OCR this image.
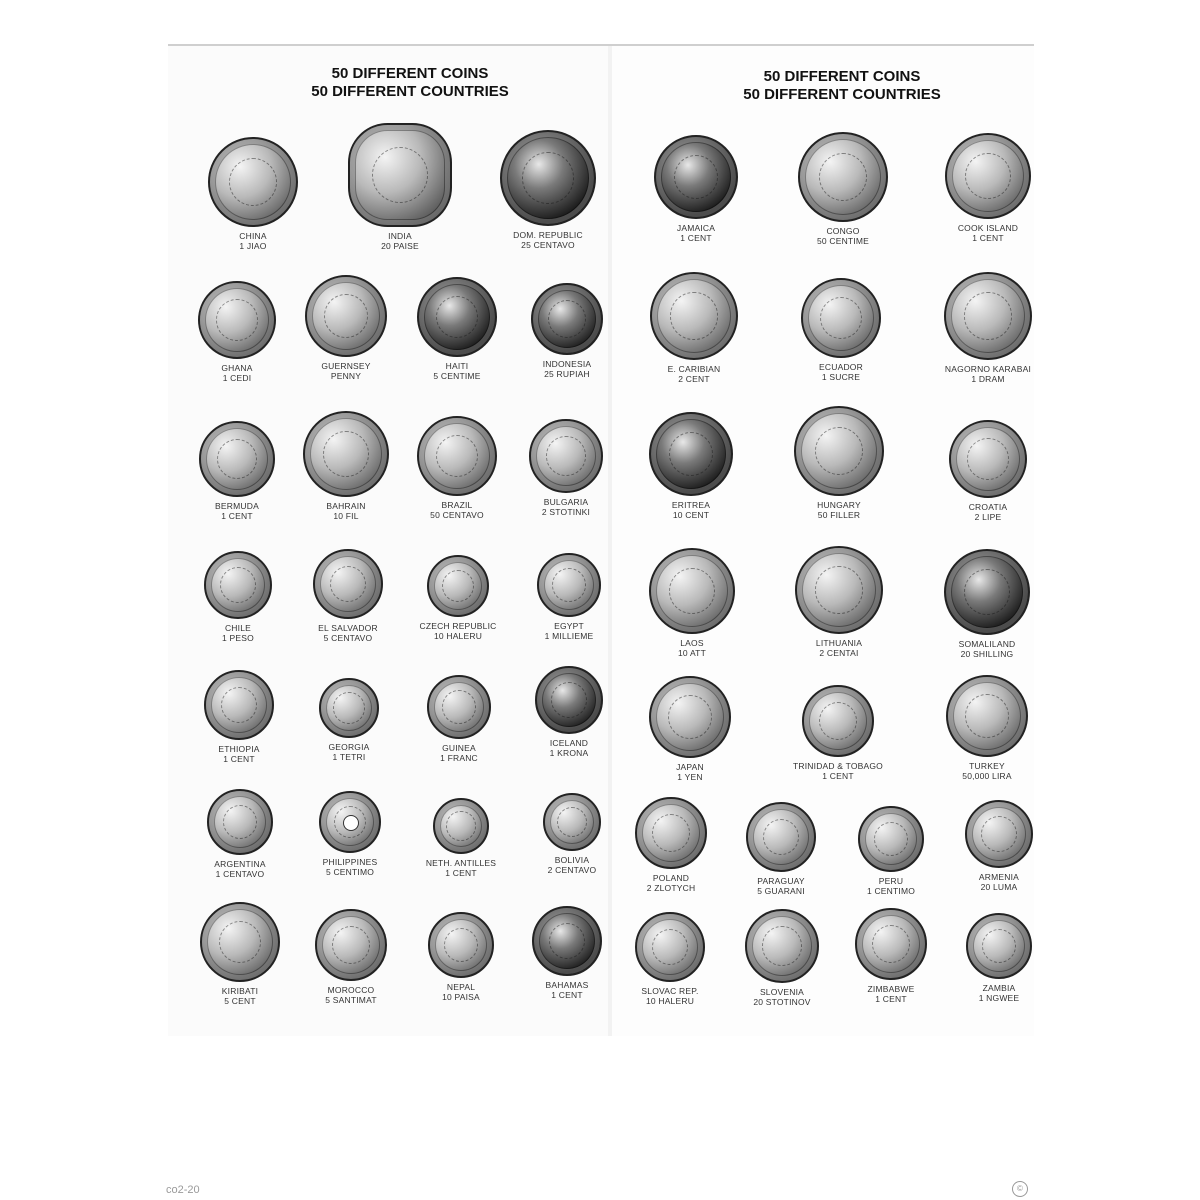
50 DIFFERENT COINS
50 DIFFERENT COUNTRIES
50 DIFFERENT COINS
50 DIFFERENT COUNTRIES
CHINA
1 JIAO
INDIA
20 PAISE
DOM. REPUBLIC
25 CENTAVO
JAMAICA
1 CENT
CONGO
50 CENTIME
COOK ISLAND
1 CENT
GHANA
1 CEDI
GUERNSEY
PENNY
HAITI
5 CENTIME
INDONESIA
25 RUPIAH	E. CARIBIAN
2 CENT
ECUADOR
1 SUCRE
NAGORNO KARABAI
1 DRAM
BERMUDA
1 CENT
BAHRAIN
10 FIL
BRAZIL
50 CENTAVO
BULGARIA
2 STOTINKI
ERITREA
10 CENT
HUNGARY
50 FILLER
CROATIA
2 LIPE
CHILE
1 PESO
EL SALVADOR
5 CENTAVO
CZECH REPUBLIC
10 HALERU
EGYPT
1 MILLIEME
LAOS
10 ATT
LITHUANIA
2 CENTAI
SOMALILAND
20 SHILLING
ETHIOPIA
1 CENT
GEORGIA
1 TETRI
GUINEA
1 FRANC
ICELAND
1 KRONA
JAPAN
1 YEN
TRINIDAD & TOBAGO
1 CENT
TURKEY
50,000 LIRA
ARGENTINA
1 CENTAVO
PHILIPPINES
5 CENTIMO
NETH. ANTILLES
1 CENT
BOLIVIA
2 CENTAVO
POLAND
2 ZLOTYCH
PARAGUAY
5 GUARANI
PERU
1 CENTIMO
ARMENIA
20 LUMA
KIRIBATI
5 CENT
MOROCCO
5 SANTIMAT
NEPAL
10 PAISA
BAHAMAS
1 CENT	SLOVAC REP.
10 HALERU
SLOVENIA
20 STOTINOV
ZIMBABWE
1 CENT
ZAMBIA
1 NGWEE
co2-20	©
